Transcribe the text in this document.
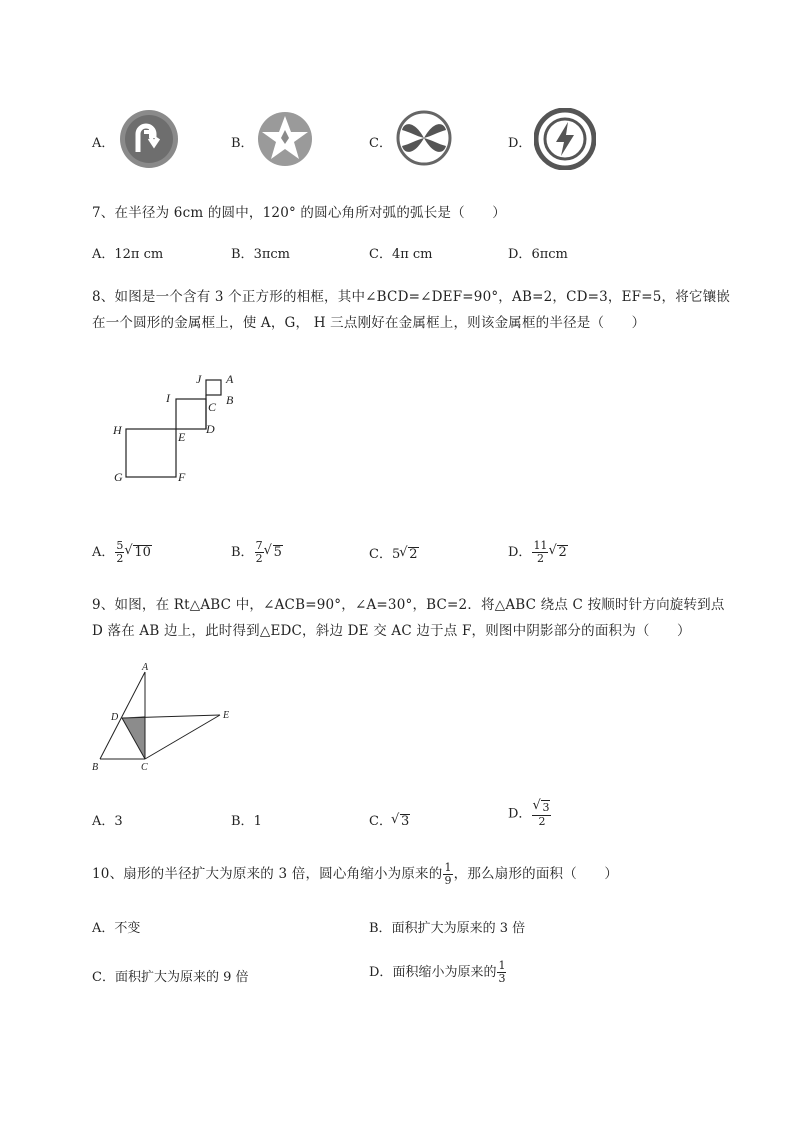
A．	B．	C．	D．
7、在半径为 6cm 的圆中，120° 的圆心角所对弧的弧长是（　　）
A．12π cm	B．3πcm	C．4π cm	D．6πcm
8、如图是一个含有 3 个正方形的相框，其中∠BCD=∠DEF=90°，AB=2，CD=3，EF=5，将它镶嵌
在一个圆形的金属框上，使 A，G， H 三点刚好在金属框上，则该金属框的半径是（　　）
J A
I
C B
H	E
D
G	F
A． $\frac{5}{2}$ √ 10	B． $\frac{7}{2}$ √ 5	C．5 √ 2	D． $\frac{11}{2}$ √ 2
9、如图，在 Rt△ABC 中，∠ACB=90°，∠A=30°，BC=2．将△ABC 绕点 C 按顺时针方向旋转到点
D 落在 AB 边上，此时得到△EDC，斜边 DE 交 AC 边于点 F，则图中阴影部分的面积为（　　）
A
D	E
B	C
A．3	B．1	C． √ 3	D． √ $\frac{3}{2}$
10、扇形的半径扩大为原来的 3 倍，圆心角缩小为原来的 $\frac{1}{9}$ ，那么扇形的面积（　　）
A．不变	B．面积扩大为原来的 3 倍
C．面积扩大为原来的 9 倍	D．面积缩小为原来的 $\frac{1}{3}$
